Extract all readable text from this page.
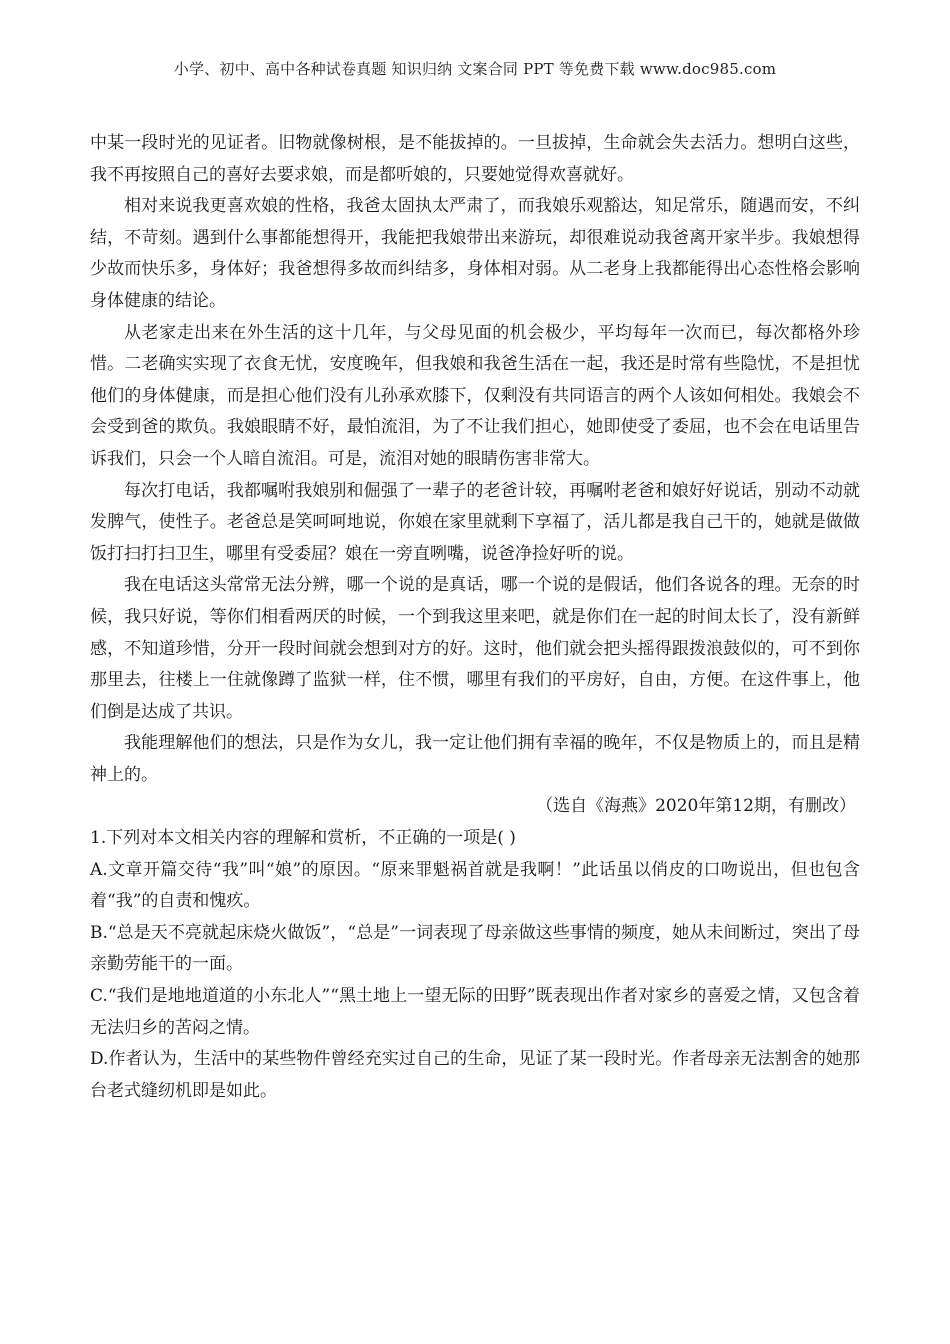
小学、初中、高中各种试卷真题 知识归纳 文案合同 PPT 等免费下载 www.doc985.com

中某一段时光的见证者。旧物就像树根，是不能拔掉的。一旦拔掉，生命就会失去活力。想明白这些，我不再按照自己的喜好去要求娘，而是都听娘的，只要她觉得欢喜就好。

相对来说我更喜欢娘的性格，我爸太固执太严肃了，而我娘乐观豁达，知足常乐，随遇而安，不纠结，不苛刻。遇到什么事都能想得开，我能把我娘带出来游玩，却很难说动我爸离开家半步。我娘想得少故而快乐多，身体好；我爸想得多故而纠结多，身体相对弱。从二老身上我都能得出心态性格会影响身体健康的结论。

从老家走出来在外生活的这十几年，与父母见面的机会极少，平均每年一次而已，每次都格外珍惜。二老确实实现了衣食无忧，安度晚年，但我娘和我爸生活在一起，我还是时常有些隐忧，不是担忧他们的身体健康，而是担心他们没有儿孙承欢膝下，仅剩没有共同语言的两个人该如何相处。我娘会不会受到爸的欺负。我娘眼睛不好，最怕流泪，为了不让我们担心，她即使受了委屈，也不会在电话里告诉我们，只会一个人暗自流泪。可是，流泪对她的眼睛伤害非常大。

每次打电话，我都嘱咐我娘别和倔强了一辈子的老爸计较，再嘱咐老爸和娘好好说话，别动不动就发脾气，使性子。老爸总是笑呵呵地说，你娘在家里就剩下享福了，活儿都是我自己干的，她就是做做饭打扫打扫卫生，哪里有受委屈？娘在一旁直咧嘴，说爸净捡好听的说。

我在电话这头常常无法分辨，哪一个说的是真话，哪一个说的是假话，他们各说各的理。无奈的时候，我只好说，等你们相看两厌的时候，一个到我这里来吧，就是你们在一起的时间太长了，没有新鲜感，不知道珍惜，分开一段时间就会想到对方的好。这时，他们就会把头摇得跟拨浪鼓似的，可不到你那里去，往楼上一住就像蹲了监狱一样，住不惯，哪里有我们的平房好，自由，方便。在这件事上，他们倒是达成了共识。

我能理解他们的想法，只是作为女儿，我一定让他们拥有幸福的晚年，不仅是物质上的，而且是精神上的。

（选自《海燕》2020年第12期，有删改）

1.下列对本文相关内容的理解和赏析，不正确的一项是( )

A.文章开篇交待“我”叫“娘”的原因。“原来罪魁祸首就是我啊！”此话虽以俏皮的口吻说出，但也包含着“我”的自责和愧疚。

B.“总是天不亮就起床烧火做饭”，“总是”一词表现了母亲做这些事情的频度，她从未间断过，突出了母亲勤劳能干的一面。

C.“我们是地地道道的小东北人”“黑土地上一望无际的田野”既表现出作者对家乡的喜爱之情，又包含着无法归乡的苦闷之情。

D.作者认为，生活中的某些物件曾经充实过自己的生命，见证了某一段时光。作者母亲无法割舍的她那台老式缝纫机即是如此。
